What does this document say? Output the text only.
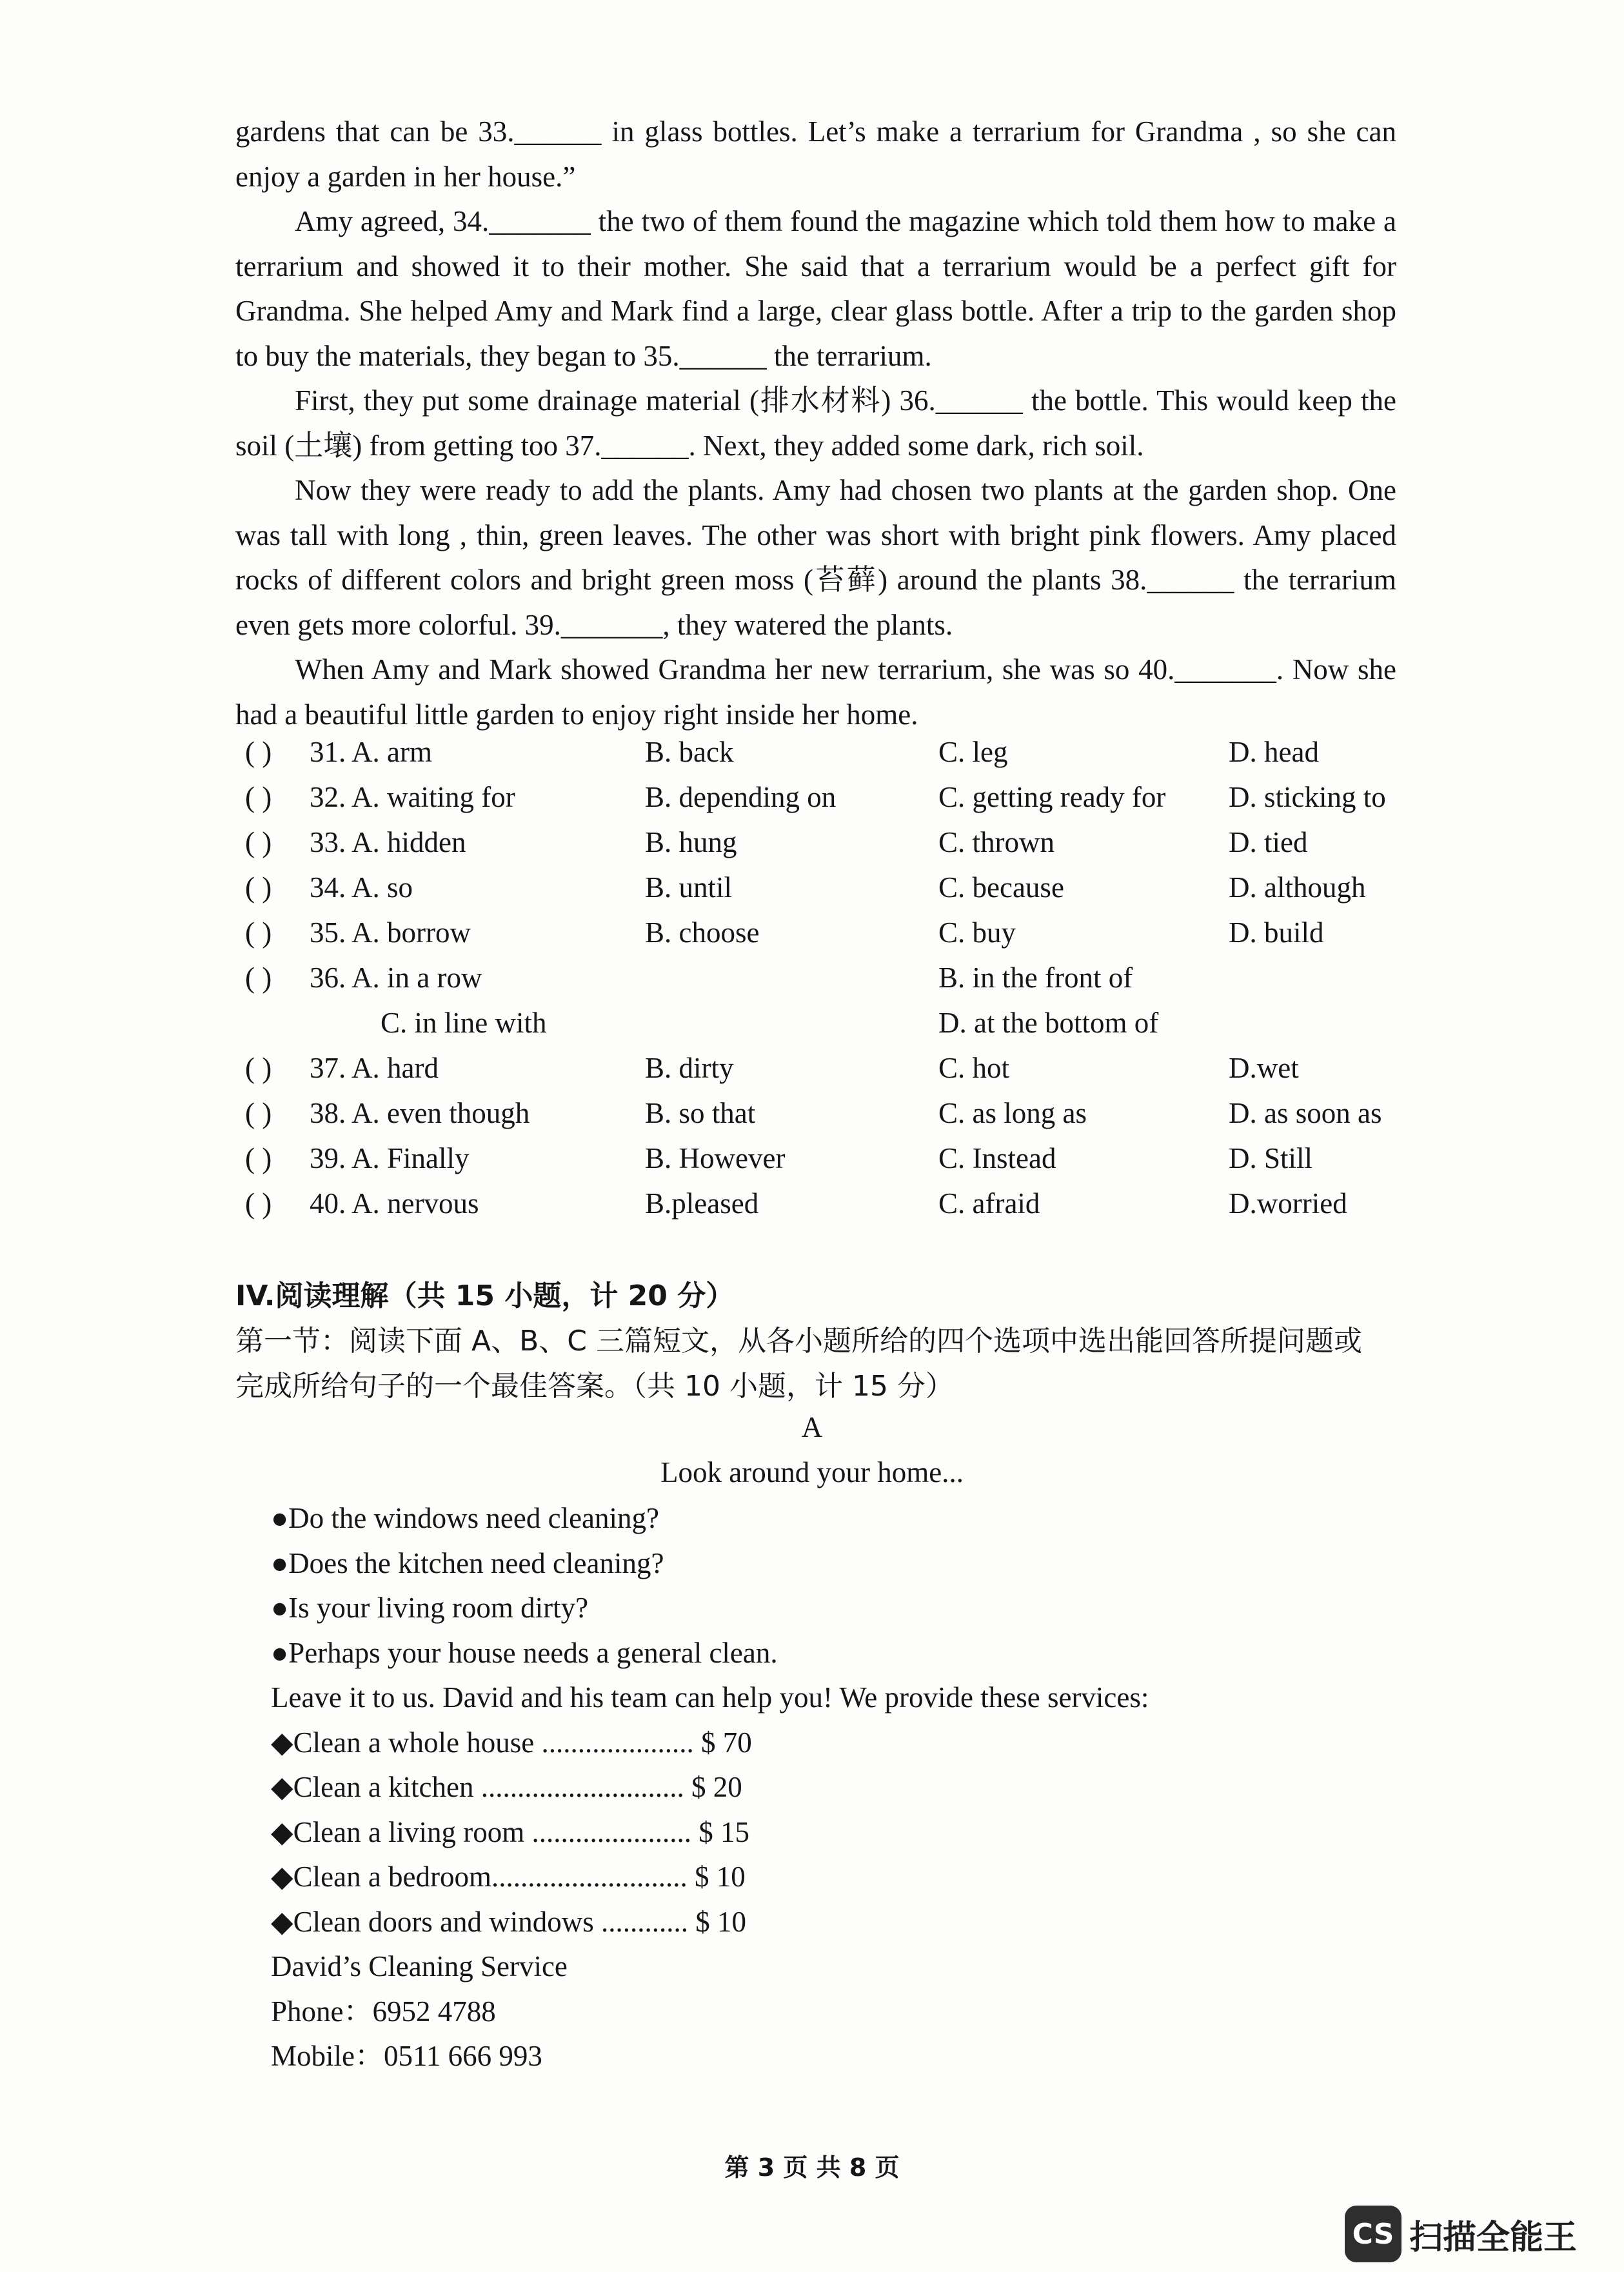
gardens that can be 33.______ in glass bottles. Let’s make a terrarium for Grandma , so she can enjoy a garden in her house.”

Amy agreed, 34._______ the two of them found the magazine which told them how to make a terrarium and showed it to their mother. She said that a terrarium would be a perfect gift for Grandma. She helped Amy and Mark find a large, clear glass bottle. After a trip to the garden shop to buy the materials, they began to 35.______ the terrarium.

First, they put some drainage material (排水材料) 36.______ the bottle. This would keep the soil (土壤) from getting too 37.______. Next, they added some dark, rich soil.

Now they were ready to add the plants. Amy had chosen two plants at the garden shop. One was tall with long , thin, green leaves. The other was short with bright pink flowers. Amy placed rocks of different colors and bright green moss (苔藓) around the plants 38.______ the terrarium even gets more colorful. 39._______, they watered the plants.

When Amy and Mark showed Grandma her new terrarium, she was so 40._______. Now she had a beautiful little garden to enjoy right inside her home.

( ) 31. A. arm	B. back	C. leg	D. head
( ) 32. A. waiting for	B. depending on	C. getting ready for D. sticking to
( ) 33. A. hidden	B. hung	C. thrown	D. tied
( ) 34. A. so	B. until	C. because	D. although
( ) 35. A. borrow	B. choose	C. buy	D. build
( ) 36. A. in a row	B. in the front of
C. in line with	D. at the bottom of
( ) 37. A. hard	B. dirty	C. hot	D.wet
( ) 38. A. even though	B. so that	C. as long as	D. as soon as
( ) 39. A. Finally	B. However	C. Instead	D. Still
( ) 40. A. nervous	B.pleased	C. afraid	D.worried

IV.阅读理解（共 15 小题，计 20 分）

第一节：阅读下面 A、B、C 三篇短文，从各小题所给的四个选项中选出能回答所提问题或

完成所给句子的一个最佳答案。（共 10 小题，计 15 分）

A
Look around your home...

●Do the windows need cleaning?

●Does the kitchen need cleaning?

●Is your living room dirty?

●Perhaps your house needs a general clean.

Leave it to us. David and his team can help you! We provide these services:

◆Clean a whole house ..................... $ 70

◆Clean a kitchen ............................ $ 20

◆Clean a living room ...................... $ 15

◆Clean a bedroom........................... $ 10

◆Clean doors and windows ............ $ 10

David’s Cleaning Service

Phone：6952 4788

Mobile：0511 666 993

第 3 页 共 8 页
CS 扫描全能王
